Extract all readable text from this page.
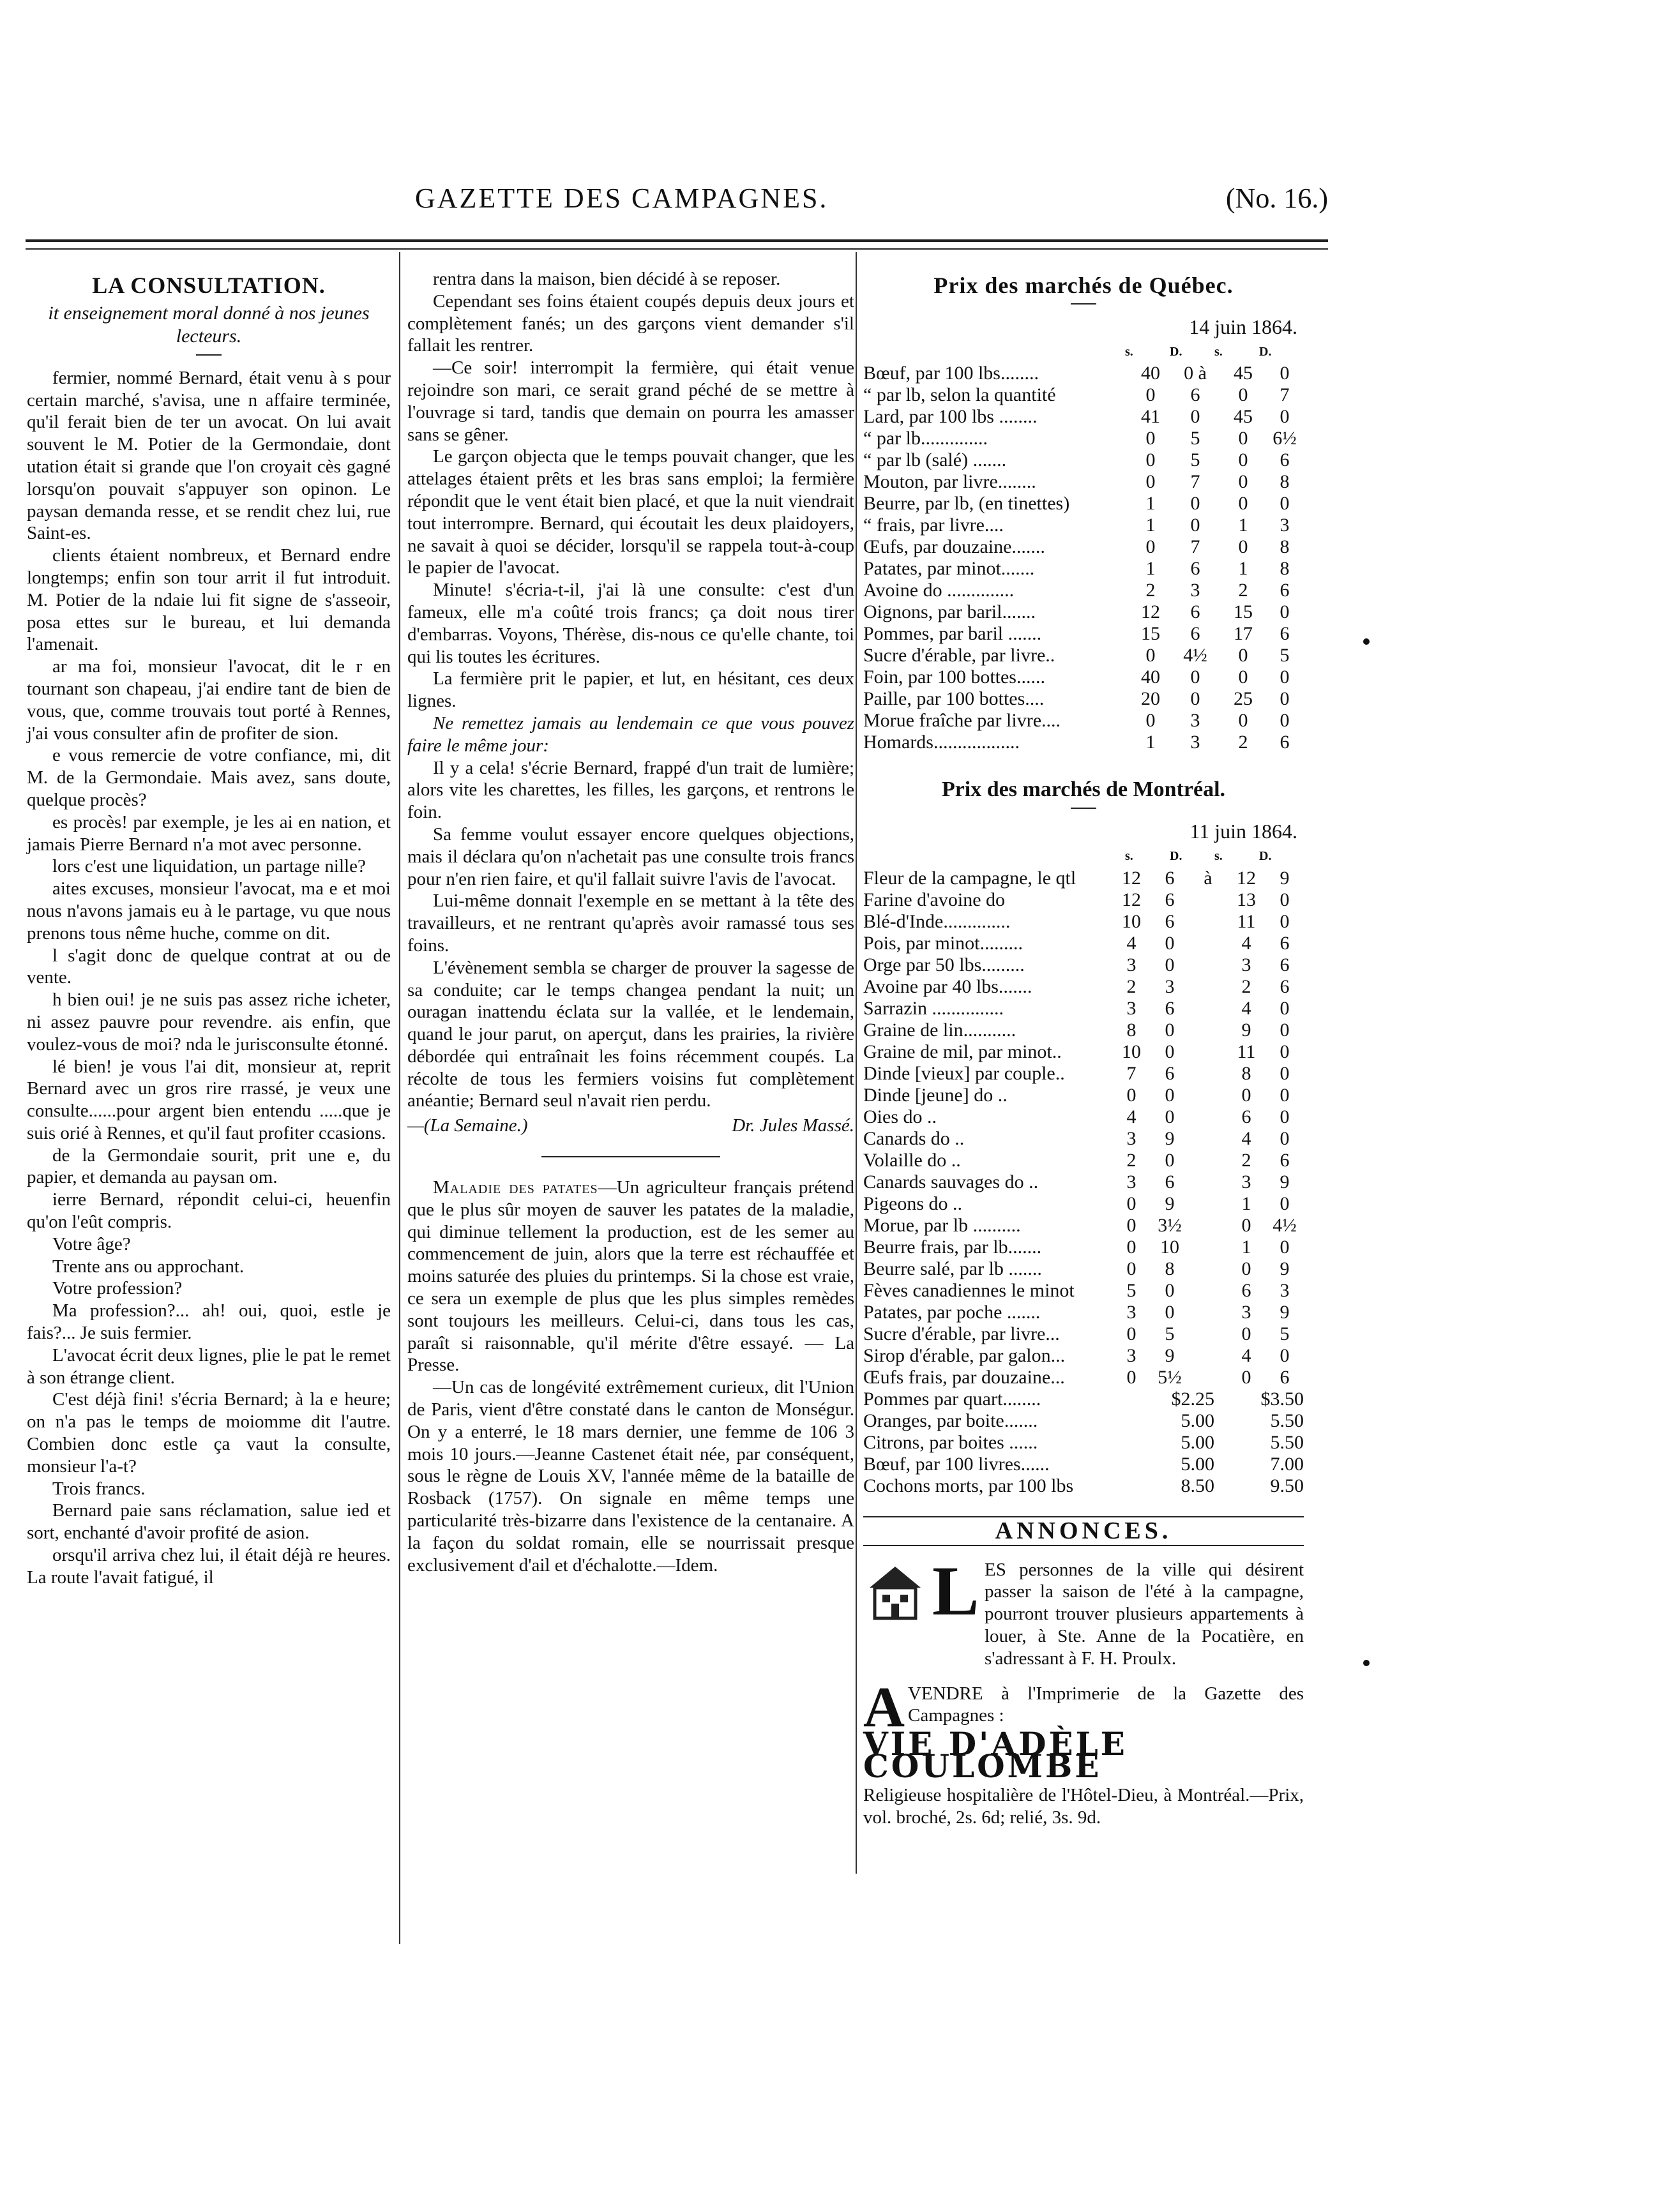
GAZETTE DES CAMPAGNES.	(No. 16.)
LA CONSULTATION.
it enseignement moral donné à nos jeunes lecteurs.

fermier, nommé Bernard, était venu à s pour certain marché, s'avisa, une n affaire terminée, qu'il ferait bien de ter un avocat. On lui avait souvent le M. Potier de la Germondaie, dont utation était si grande que l'on croyait cès gagné lorsqu'on pouvait s'appuyer son opinon. Le paysan demanda resse, et se rendit chez lui, rue Saint-es.

clients étaient nombreux, et Bernard endre longtemps; enfin son tour arrit il fut introduit. M. Potier de la ndaie lui fit signe de s'asseoir, posa ettes sur le bureau, et lui demanda l'amenait.

ar ma foi, monsieur l'avocat, dit le r en tournant son chapeau, j'ai endire tant de bien de vous, que, comme trouvais tout porté à Rennes, j'ai vous consulter afin de profiter de sion.

e vous remercie de votre confiance, mi, dit M. de la Germondaie. Mais avez, sans doute, quelque procès?

es procès! par exemple, je les ai en nation, et jamais Pierre Bernard n'a mot avec personne.

lors c'est une liquidation, un partage nille?

aites excuses, monsieur l'avocat, ma e et moi nous n'avons jamais eu à le partage, vu que nous prenons tous nême huche, comme on dit.

l s'agit donc de quelque contrat at ou de vente.

h bien oui! je ne suis pas assez riche icheter, ni assez pauvre pour revendre. ais enfin, que voulez-vous de moi? nda le jurisconsulte étonné.

lé bien! je vous l'ai dit, monsieur at, reprit Bernard avec un gros rire rrassé, je veux une consulte......pour argent bien entendu .....que je suis orié à Rennes, et qu'il faut profiter ccasions.

de la Germondaie sourit, prit une e, du papier, et demanda au paysan om.

ierre Bernard, répondit celui-ci, heuenfin qu'on l'eût compris.

Votre âge?

Trente ans ou approchant.

Votre profession?

Ma profession?... ah! oui, quoi, estle je fais?... Je suis fermier.

L'avocat écrit deux lignes, plie le pat le remet à son étrange client.

C'est déjà fini! s'écria Bernard; à la e heure; on n'a pas le temps de moiomme dit l'autre. Combien donc estle ça vaut la consulte, monsieur l'a-t?

Trois francs.

Bernard paie sans réclamation, salue ied et sort, enchanté d'avoir profité de asion.

orsqu'il arriva chez lui, il était déjà re heures. La route l'avait fatigué, il

rentra dans la maison, bien décidé à se reposer.

Cependant ses foins étaient coupés depuis deux jours et complètement fanés; un des garçons vient demander s'il fallait les rentrer.

—Ce soir! interrompit la fermière, qui était venue rejoindre son mari, ce serait grand péché de se mettre à l'ouvrage si tard, tandis que demain on pourra les amasser sans se gêner.

Le garçon objecta que le temps pouvait changer, que les attelages étaient prêts et les bras sans emploi; la fermière répondit que le vent était bien placé, et que la nuit viendrait tout interrompre. Bernard, qui écoutait les deux plaidoyers, ne savait à quoi se décider, lorsqu'il se rappela tout-à-coup le papier de l'avocat.

Minute! s'écria-t-il, j'ai là une consulte: c'est d'un fameux, elle m'a coûté trois francs; ça doit nous tirer d'embarras. Voyons, Thérèse, dis-nous ce qu'elle chante, toi qui lis toutes les écritures.

La fermière prit le papier, et lut, en hésitant, ces deux lignes.

Ne remettez jamais au lendemain ce que vous pouvez faire le même jour:

Il y a cela! s'écrie Bernard, frappé d'un trait de lumière; alors vite les charettes, les filles, les garçons, et rentrons le foin.

Sa femme voulut essayer encore quelques objections, mais il déclara qu'on n'achetait pas une consulte trois francs pour n'en rien faire, et qu'il fallait suivre l'avis de l'avocat.

Lui-même donnait l'exemple en se mettant à la tête des travailleurs, et ne rentrant qu'après avoir ramassé tous ses foins.

L'évènement sembla se charger de prouver la sagesse de sa conduite; car le temps changea pendant la nuit; un ouragan inattendu éclata sur la vallée, et le lendemain, quand le jour parut, on aperçut, dans les prairies, la rivière débordée qui entraînait les foins récemment coupés. La récolte de tous les fermiers voisins fut complètement anéantie; Bernard seul n'avait rien perdu.

—(La Semaine.)	Dr. Jules Massé.

Maladie des patates—Un agriculteur français prétend que le plus sûr moyen de sauver les patates de la maladie, qui diminue tellement la production, est de les semer au commencement de juin, alors que la terre est réchauffée et moins saturée des pluies du printemps. Si la chose est vraie, ce sera un exemple de plus que les plus simples remèdes sont toujours les meilleurs. Celui-ci, dans tous les cas, paraît si raisonnable, qu'il mérite d'être essayé. — La Presse.

—Un cas de longévité extrêmement curieux, dit l'Union de Paris, vient d'être constaté dans le canton de Monségur. On y a enterré, le 18 mars dernier, une femme de 106 3 mois 10 jours.—Jeanne Castenet était née, par conséquent, sous le règne de Louis XV, l'année même de la bataille de Rosback (1757). On signale en même temps une particularité très-bizarre dans l'existence de la centanaire. A la façon du soldat romain, elle se nourrissait presque exclusivement d'ail et d'échalotte.—Idem.

Prix des marchés de Québec.
14 juin 1864.
s.	D.	s.	D.
Bœuf, par 100 lbs........	40	0 à	45	0
“ par lb, selon la quantité	0	6	0	7
Lard, par 100 lbs ........	41	0	45	0
“ par lb..............	0	5	0	6½
“ par lb (salé) .......	0	5	0	6
Mouton, par livre........	0	7	0	8
Beurre, par lb, (en tinettes)	1	0	0	0
“ frais, par livre....	1	0	1	3
Œufs, par douzaine.......	0	7	0	8
Patates, par minot.......	1	6	1	8
Avoine do ..............	2	3	2	6
Oignons, par baril.......	12	6	15	0
Pommes, par baril .......	15	6	17	6
Sucre d'érable, par livre..	0	4½	0	5
Foin, par 100 bottes......	40	0	0	0
Paille, par 100 bottes....	20	0	25	0
Morue fraîche par livre....	0	3	0	0
Homards..................	1	3	2	6
Prix des marchés de Montréal.
11 juin 1864.
s.	D.	s.	D.
Fleur de la campagne, le qtl	12	6	à	12	9
Farine d'avoine do	12	6	13	0
Blé-d'Inde..............	10	6	11	0
Pois, par minot.........	4	0	4	6
Orge par 50 lbs.........	3	0	3	6
Avoine par 40 lbs.......	2	3	2	6
Sarrazin ...............	3	6	4	0
Graine de lin...........	8	0	9	0
Graine de mil, par minot..	10	0	11	0
Dinde [vieux] par couple..	7	6	8	0
Dinde [jeune] do ..	0	0	0	0
Oies do ..	4	0	6	0
Canards do ..	3	9	4	0
Volaille do ..	2	0	2	6
Canards sauvages do ..	3	6	3	9
Pigeons do ..	0	9	1	0
Morue, par lb ..........	0	3½	0	4½
Beurre frais, par lb.......	0	10	1	0
Beurre salé, par lb .......	0	8	0	9
Fèves canadiennes le minot	5	0	6	3
Patates, par poche .......	3	0	3	9
Sucre d'érable, par livre...	0	5	0	5
Sirop d'érable, par galon...	3	9	4	0
Œufs frais, par douzaine...	0	5½	0	6
Pommes par quart........	$2.25	$3.50
Oranges, par boite.......	5.00	5.50
Citrons, par boites ......	5.00	5.50
Bœuf, par 100 livres......	5.00	7.00
Cochons morts, par 100 lbs	8.50	9.50
ANNONCES.
L ES personnes de la ville qui désirent passer la saison de l'été à la campagne, pourront trouver plusieurs appartements à louer, à Ste. Anne de la Pocatière, en s'adressant à F. H. Proulx.

A VENDRE à l'Imprimerie de la Gazette des Campagnes :

VIE D'ADÈLE COULOMBE

Religieuse hospitalière de l'Hôtel-Dieu, à Montréal.—Prix, vol. broché, 2s. 6d; relié, 3s. 9d.
